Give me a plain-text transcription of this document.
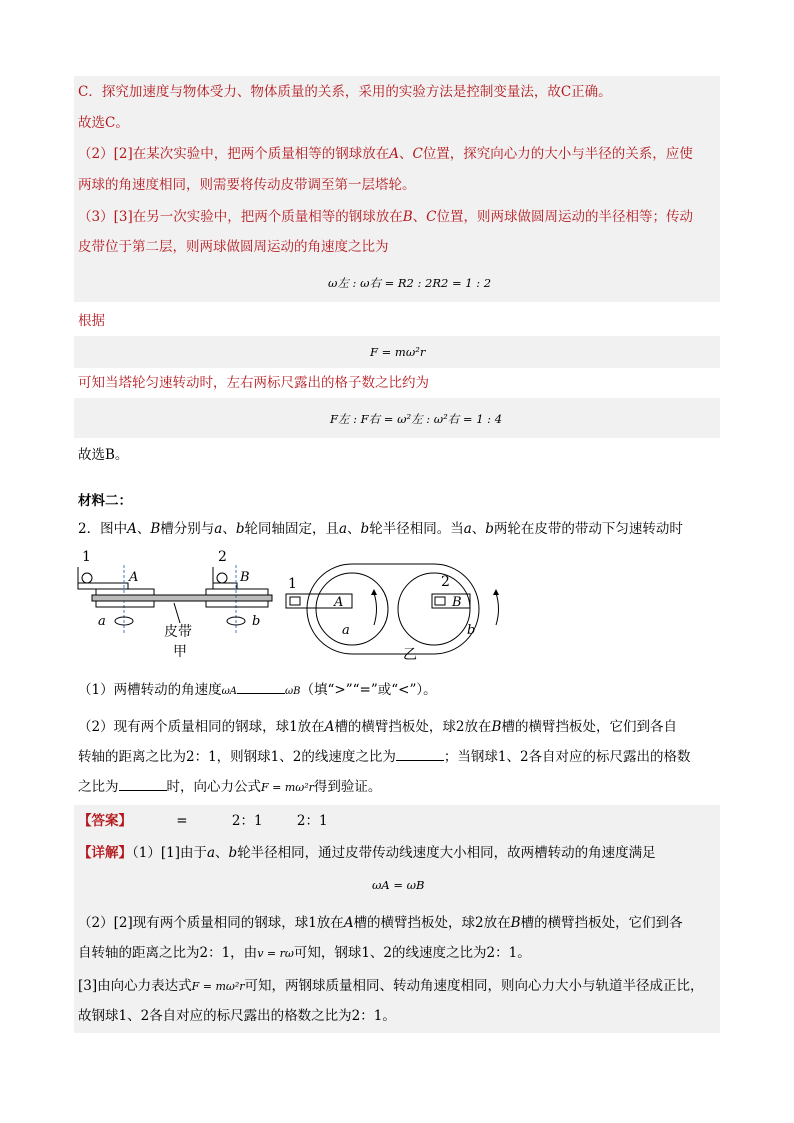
C．探究加速度与物体受力、物体质量的关系，采用的实验方法是控制变量法，故C正确。
故选C。
（2）[2]在某次实验中，把两个质量相等的钢球放在A、C位置，探究向心力的大小与半径的关系，应使
两球的角速度相同，则需要将传动皮带调至第一层塔轮。
（3）[3]在另一次实验中，把两个质量相等的钢球放在B、C位置，则两球做圆周运动的半径相等；传动
皮带位于第二层，则两球做圆周运动的角速度之比为
ω左 : ω右 = R2 : 2R2 = 1 : 2
根据
F = mω²r
可知当塔轮匀速转动时，左右两标尺露出的格子数之比约为
F左 : F右 = ω²左 : ω²右 = 1 : 4
故选B。
材料二：
2．图中A、B槽分别与a、b轮同轴固定，且a、b轮半径相同。当a、b两轮在皮带的带动下匀速转动时
1
A
2
B
a	b
皮带
甲
1
A
2
B
a	b
乙
（1）两槽转动的角速度ωA	ωB（填“>”“=”或“<”）。
（2）现有两个质量相同的钢球，球1放在A槽的横臂挡板处，球2放在B槽的横臂挡板处，它们到各自
转轴的距离之比为2：1，则钢球1、2的线速度之比为	；当钢球1、2各自对应的标尺露出的格数
之比为	时，向心力公式F = mω²r得到验证。
【答案】	=	2：1	2：1
【详解】（1）[1]由于a、b轮半径相同，通过皮带传动线速度大小相同，故两槽转动的角速度满足
ωA = ωB
（2）[2]现有两个质量相同的钢球，球1放在A槽的横臂挡板处，球2放在B槽的横臂挡板处，它们到各
自转轴的距离之比为2：1，由v = rω可知，钢球1、2的线速度之比为2：1。
[3]由向心力表达式F = mω²r可知，两钢球质量相同、转动角速度相同，则向心力大小与轨道半径成正比，
故钢球1、2各自对应的标尺露出的格数之比为2：1。
